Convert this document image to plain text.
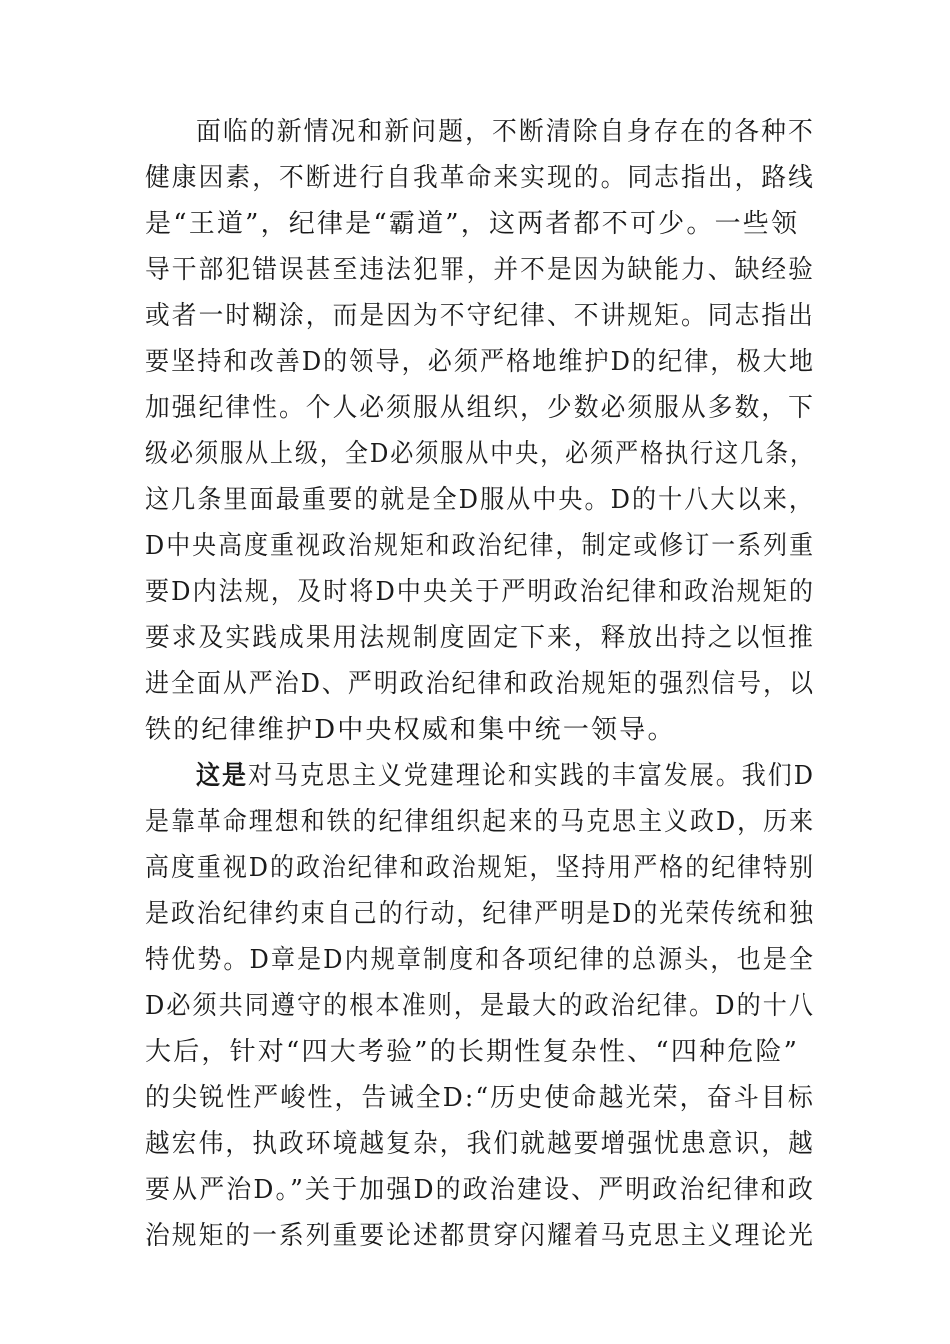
面临的新情况和新问题，不断清除自身存在的各种不
健康因素，不断进行自我革命来实现的。同志指出，路线
是“王道”，纪律是“霸道”，这两者都不可少。一些领
导干部犯错误甚至违法犯罪，并不是因为缺能力、缺经验
或者一时糊涂，而是因为不守纪律、不讲规矩。同志指出
要坚持和改善D的领导，必须严格地维护D的纪律，极大地
加强纪律性。个人必须服从组织，少数必须服从多数，下
级必须服从上级，全D必须服从中央，必须严格执行这几条，
这几条里面最重要的就是全D服从中央。D的十八大以来，
D中央高度重视政治规矩和政治纪律，制定或修订一系列重
要D内法规，及时将D中央关于严明政治纪律和政治规矩的
要求及实践成果用法规制度固定下来，释放出持之以恒推
进全面从严治D、严明政治纪律和政治规矩的强烈信号，以
铁的纪律维护D中央权威和集中统一领导。
这是对马克思主义党建理论和实践的丰富发展。我们D
是靠革命理想和铁的纪律组织起来的马克思主义政D，历来
高度重视D的政治纪律和政治规矩，坚持用严格的纪律特别
是政治纪律约束自己的行动，纪律严明是D的光荣传统和独
特优势。D章是D内规章制度和各项纪律的总源头，也是全
D必须共同遵守的根本准则，是最大的政治纪律。D的十八
大后，针对“四大考验”的长期性复杂性、“四种危险”
的尖锐性严峻性，告诫全D:“历史使命越光荣，奋斗目标
越宏伟，执政环境越复杂，我们就越要增强忧患意识，越
要从严治D。”关于加强D的政治建设、严明政治纪律和政
治规矩的一系列重要论述都贯穿闪耀着马克思主义理论光
